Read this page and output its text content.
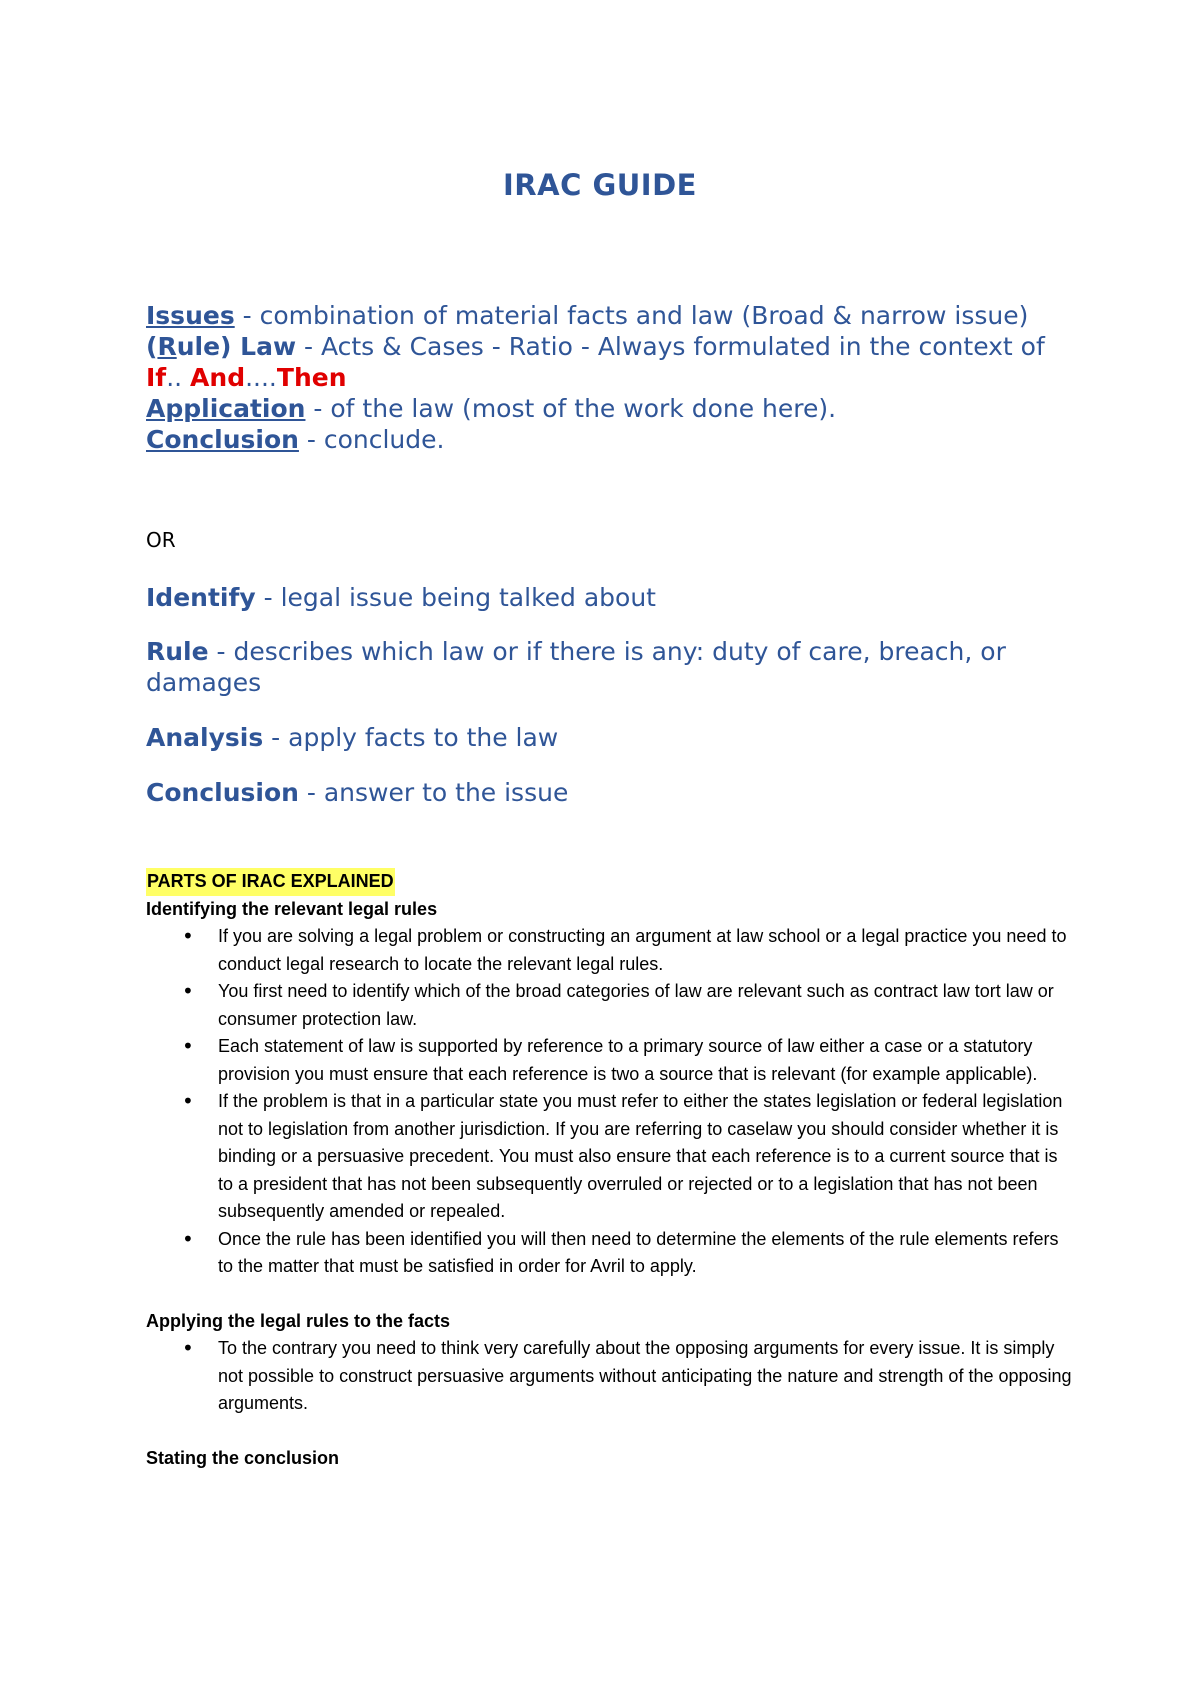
IRAC GUIDE

Issues - combination of material facts and law (Broad & narrow issue)

(Rule) Law - Acts & Cases - Ratio - Always formulated in the context of If.. And....Then

Application - of the law (most of the work done here).

Conclusion - conclude.

OR
Identify - legal issue being talked about
Rule - describes which law or if there is any: duty of care, breach, or damages
Analysis - apply facts to the law
Conclusion - answer to the issue
PARTS OF IRAC EXPLAINED

Identifying the relevant legal rules

• If you are solving a legal problem or constructing an argument at law school or a legal practice you need to conduct legal research to locate the relevant legal rules.
• You first need to identify which of the broad categories of law are relevant such as contract law tort law or consumer protection law.
• Each statement of law is supported by reference to a primary source of law either a case or a statutory provision you must ensure that each reference is two a source that is relevant (for example applicable).
• If the problem is that in a particular state you must refer to either the states legislation or federal legislation not to legislation from another jurisdiction. If you are referring to caselaw you should consider whether it is binding or a persuasive precedent. You must also ensure that each reference is to a current source that is to a president that has not been subsequently overruled or rejected or to a legislation that has not been subsequently amended or repealed.
• Once the rule has been identified you will then need to determine the elements of the rule elements refers to the matter that must be satisfied in order for Avril to apply.

Applying the legal rules to the facts

• To the contrary you need to think very carefully about the opposing arguments for every issue. It is simply not possible to construct persuasive arguments without anticipating the nature and strength of the opposing arguments.

Stating the conclusion
